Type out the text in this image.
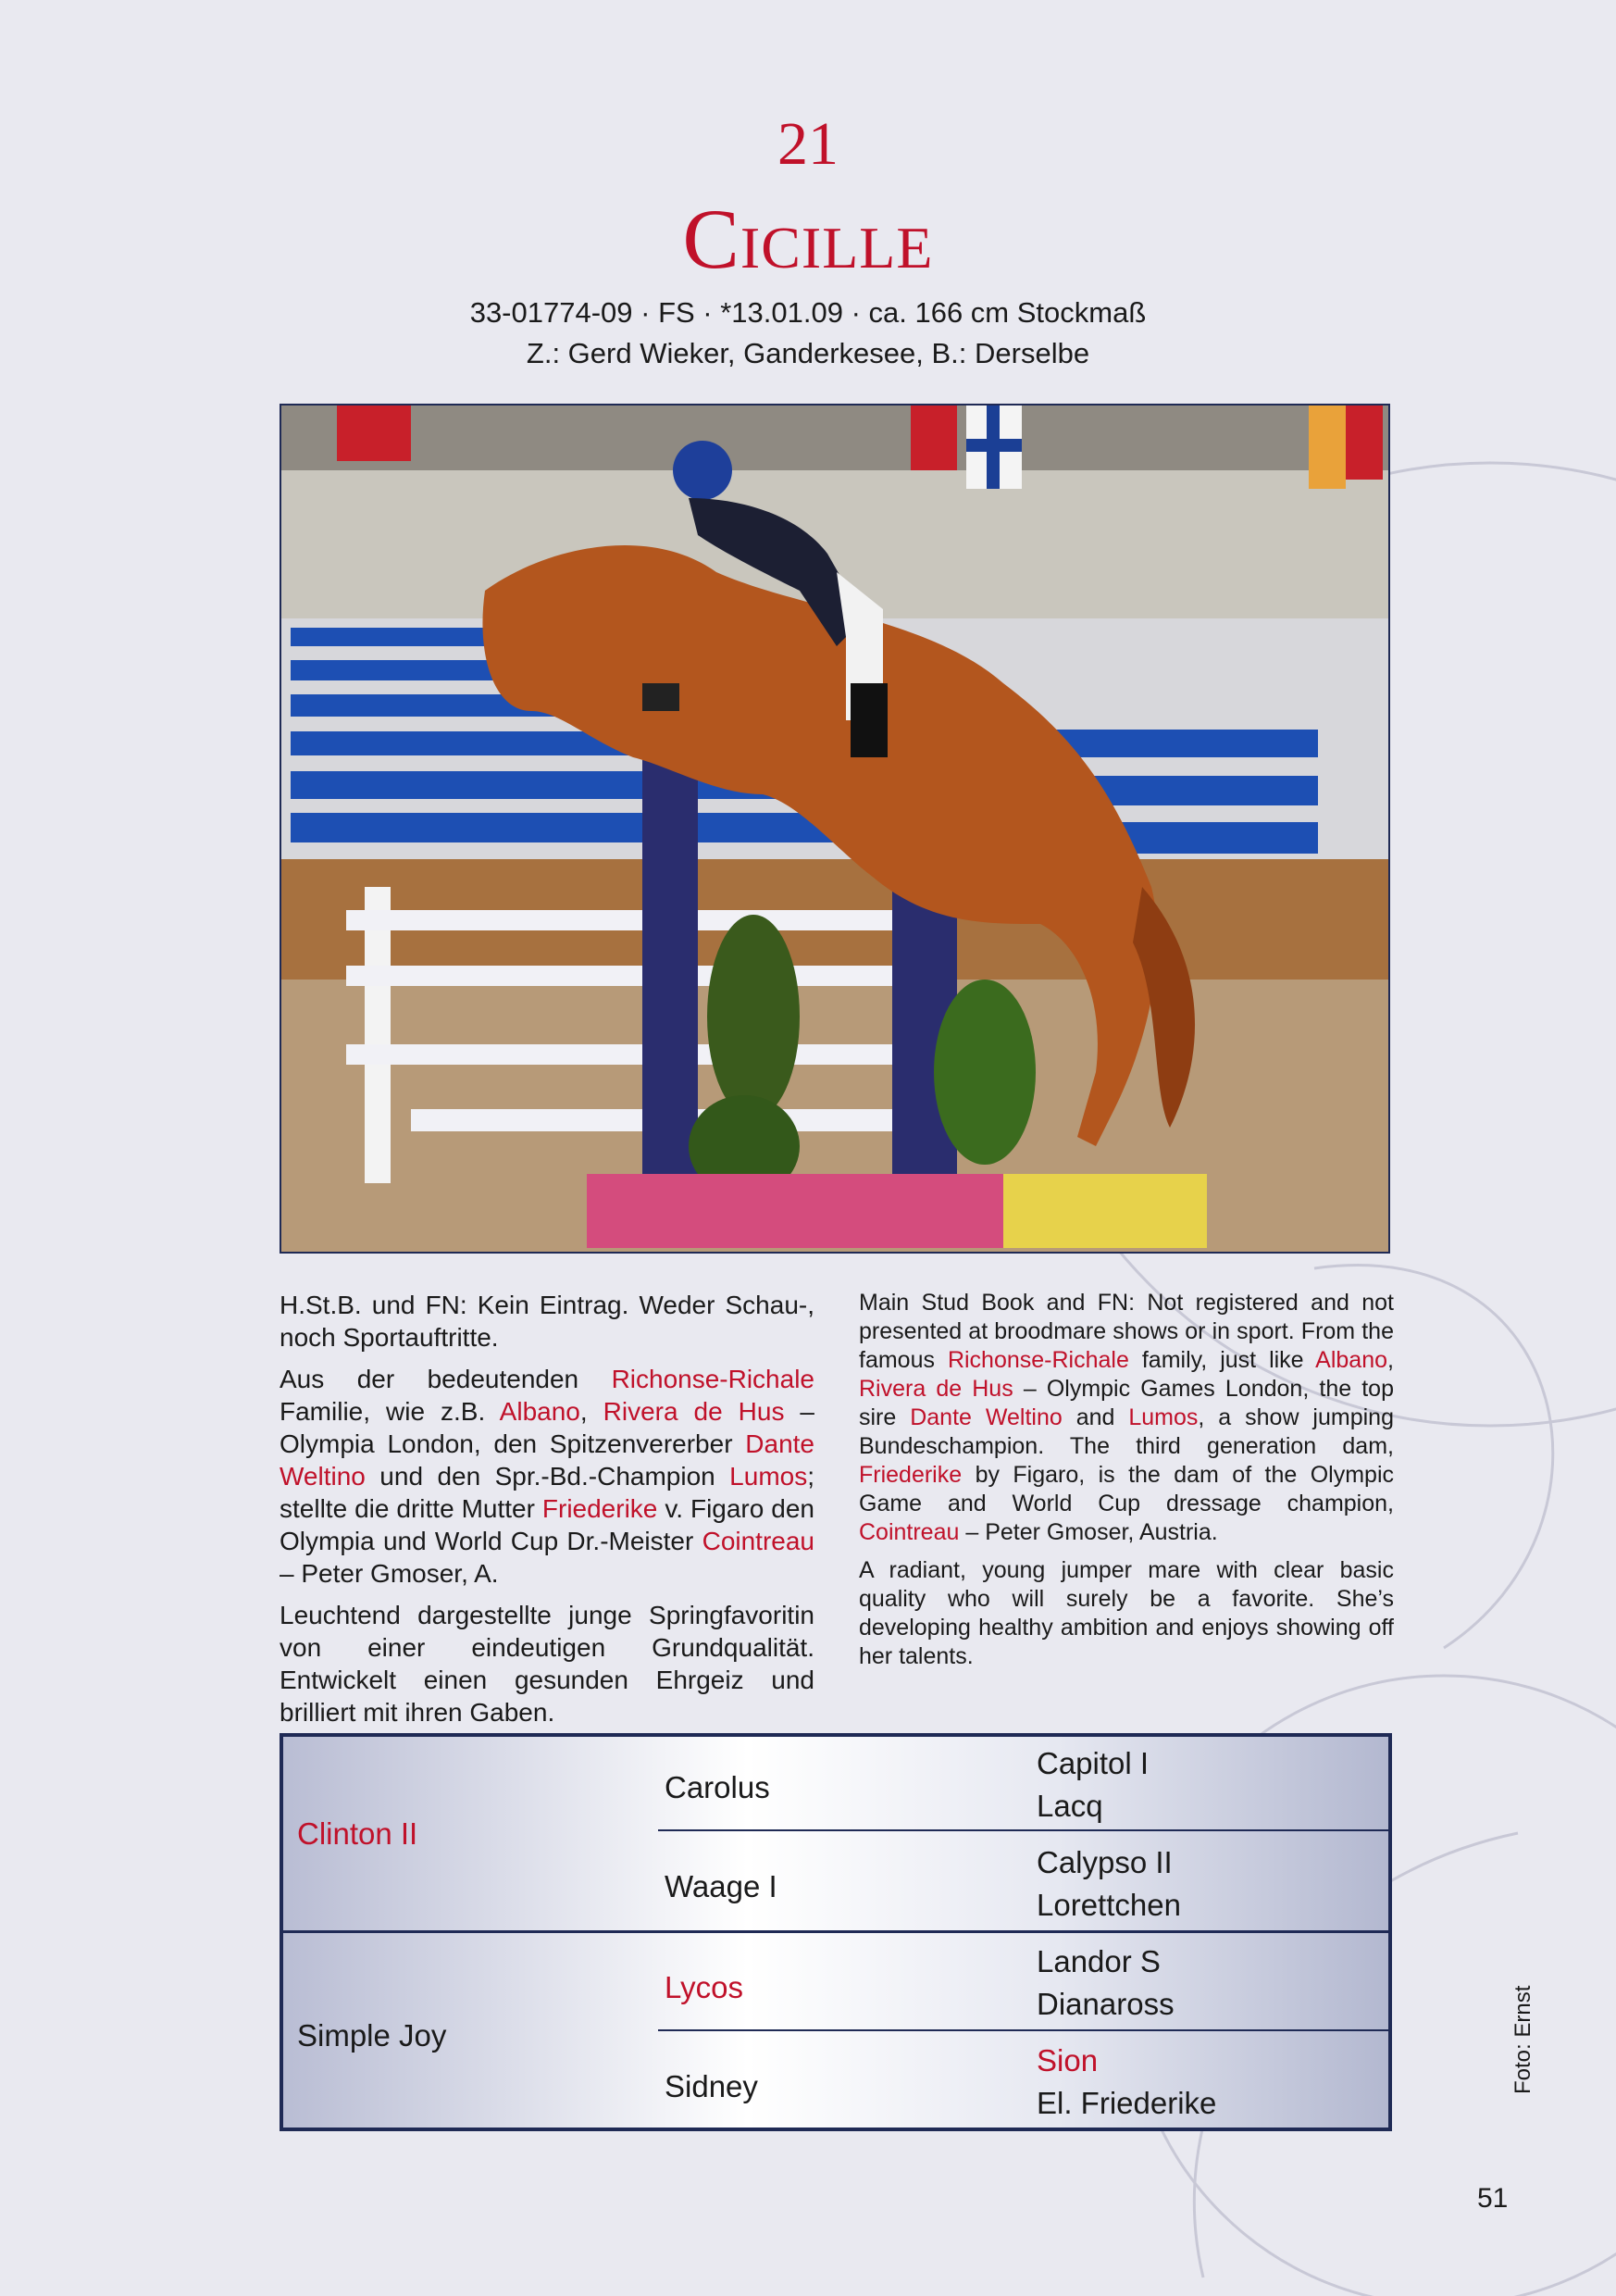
21
Cicille
33-01774-09 · FS · *13.01.09 · ca. 166 cm Stockmaß
Z.: Gerd Wieker, Ganderkesee, B.: Derselbe

H.St.B. und FN: Kein Eintrag. Weder Schau-, noch Sportauftritte.

Aus der bedeutenden Richonse-Richale Familie, wie z.B. Albano, Rivera de Hus – Olympia London, den Spitzenvererber Dante Weltino und den Spr.-Bd.-Champion Lumos; stellte die dritte Mutter Friederike v. Figaro den Olympia und World Cup Dr.-Meister Cointreau – Peter Gmoser, A.

Leuchtend dargestellte junge Springfavoritin von einer eindeutigen Grundqualität. Entwickelt einen gesunden Ehrgeiz und brilliert mit ihren Gaben.

Main Stud Book and FN: Not registered and not presented at broodmare shows or in sport. From the famous Richonse-Richale family, just like Albano, Rivera de Hus – Olympic Games London, the top sire Dante Weltino and Lumos, a show jumping Bundeschampion. The third generation dam, Friederike by Figaro, is the dam of the Olympic Game and World Cup dressage champion, Cointreau – Peter Gmoser, Austria.

A radiant, young jumper mare with clear basic quality who will surely be a favorite. She’s developing healthy ambition and enjoys showing off her talents.

Clinton II
Simple Joy
Carolus
Waage I
Lycos
Sidney
Capitol I
Lacq
Calypso II
Lorettchen
Landor S
Dianaross
Sion
El. Friederike
Foto: Ernst
51
